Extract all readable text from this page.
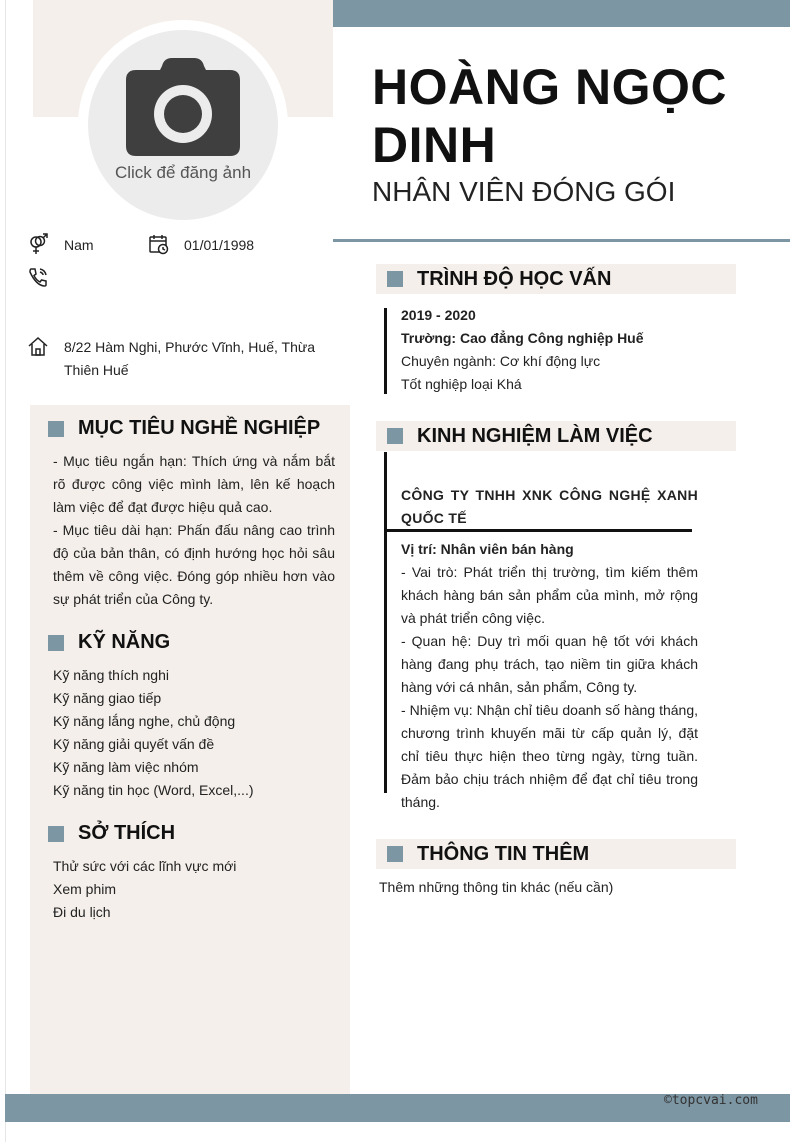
Click để đăng ảnh
HOÀNG NGỌC DINH
NHÂN VIÊN ĐÓNG GÓI
Nam	01/01/1998
8/22 Hàm Nghi, Phước Vĩnh, Huế, Thừa Thiên Huế
MỤC TIÊU NGHỀ NGHIỆP
- Mục tiêu ngắn hạn: Thích ứng và nắm bắt rõ được công việc mình làm, lên kế hoạch làm việc để đạt được hiệu quả cao.
- Mục tiêu dài hạn: Phấn đấu nâng cao trình độ của bản thân, có định hướng học hỏi sâu thêm về công việc. Đóng góp nhiều hơn vào sự phát triển của Công ty.
KỸ NĂNG
Kỹ năng thích nghi
Kỹ năng giao tiếp
Kỹ năng lắng nghe, chủ động
Kỹ năng giải quyết vấn đề
Kỹ năng làm việc nhóm
Kỹ năng tin học (Word, Excel,...)
SỞ THÍCH
Thử sức với các lĩnh vực mới
Xem phim
Đi du lịch
TRÌNH ĐỘ HỌC VẤN
2019 - 2020
Trường: Cao đẳng Công nghiệp Huế
Chuyên ngành: Cơ khí động lực
Tốt nghiệp loại Khá
KINH NGHIỆM LÀM VIỆC
CÔNG TY TNHH XNK CÔNG NGHỆ XANH QUỐC TẾ
Vị trí: Nhân viên bán hàng
- Vai trò: Phát triển thị trường, tìm kiếm thêm khách hàng bán sản phẩm của mình, mở rộng và phát triển công việc.
- Quan hệ: Duy trì mối quan hệ tốt với khách hàng đang phụ trách, tạo niềm tin giữa khách hàng với cá nhân, sản phẩm, Công ty.
- Nhiệm vụ: Nhận chỉ tiêu doanh số hàng tháng, chương trình khuyến mãi từ cấp quản lý, đặt chỉ tiêu thực hiện theo từng ngày, từng tuần. Đảm bảo chịu trách nhiệm để đạt chỉ tiêu trong tháng.
THÔNG TIN THÊM
Thêm những thông tin khác (nếu cần)
©topcvai.com
